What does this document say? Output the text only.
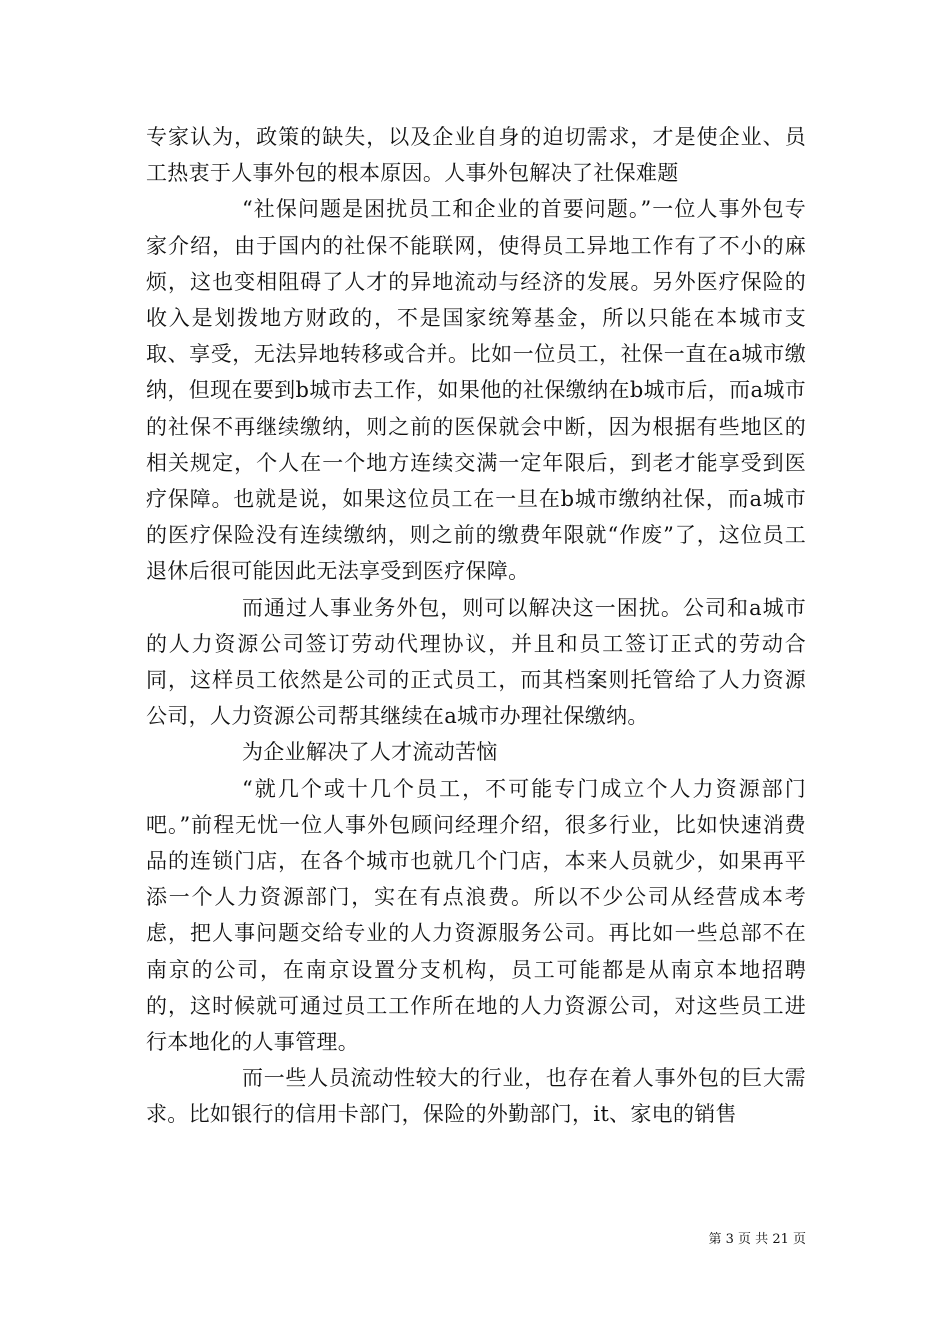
专家认为，政策的缺失，以及企业自身的迫切需求，才是使企业、员工热衷于人事外包的根本原因。人事外包解决了社保难题

“社保问题是困扰员工和企业的首要问题。”一位人事外包专家介绍，由于国内的社保不能联网，使得员工异地工作有了不小的麻烦，这也变相阻碍了人才的异地流动与经济的发展。另外医疗保险的收入是划拨地方财政的，不是国家统筹基金，所以只能在本城市支取、享受，无法异地转移或合并。比如一位员工，社保一直在a城市缴纳，但现在要到b城市去工作，如果他的社保缴纳在b城市后，而a城市的社保不再继续缴纳，则之前的医保就会中断，因为根据有些地区的相关规定，个人在一个地方连续交满一定年限后，到老才能享受到医疗保障。也就是说，如果这位员工在一旦在b城市缴纳社保，而a城市的医疗保险没有连续缴纳，则之前的缴费年限就“作废”了，这位员工退休后很可能因此无法享受到医疗保障。

而通过人事业务外包，则可以解决这一困扰。公司和a城市的人力资源公司签订劳动代理协议，并且和员工签订正式的劳动合同，这样员工依然是公司的正式员工，而其档案则托管给了人力资源公司，人力资源公司帮其继续在a城市办理社保缴纳。

为企业解决了人才流动苦恼

“就几个或十几个员工，不可能专门成立个人力资源部门吧。”前程无忧一位人事外包顾问经理介绍，很多行业，比如快速消费品的连锁门店，在各个城市也就几个门店，本来人员就少，如果再平添一个人力资源部门，实在有点浪费。所以不少公司从经营成本考虑，把人事问题交给专业的人力资源服务公司。再比如一些总部不在南京的公司，在南京设置分支机构，员工可能都是从南京本地招聘的，这时候就可通过员工工作所在地的人力资源公司，对这些员工进行本地化的人事管理。

而一些人员流动性较大的行业，也存在着人事外包的巨大需求。比如银行的信用卡部门，保险的外勤部门，it、家电的销售

第 3 页 共 21 页
